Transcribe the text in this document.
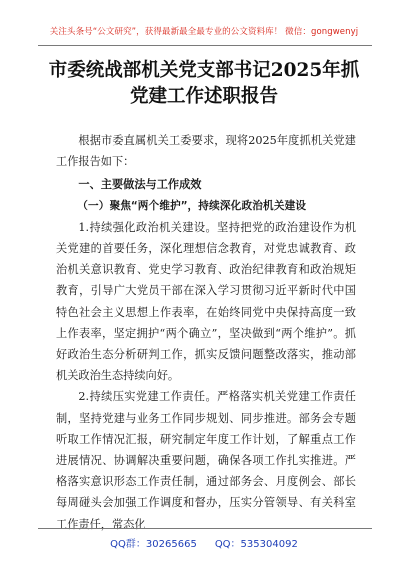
关注头条号“公文研究”，获得最新最全最专业的公文资料库！ 微信：gongwenyj
市委统战部机关党支部书记2025年抓党建工作述职报告

根据市委直属机关工委要求，现将2025年度抓机关党建工作报告如下：

一、主要做法与工作成效

（一）聚焦“两个维护”，持续深化政治机关建设

1.持续强化政治机关建设。坚持把党的政治建设作为机关党建的首要任务，深化理想信念教育，对党忠诚教育、政治机关意识教育、党史学习教育、政治纪律教育和政治规矩教育，引导广大党员干部在深入学习贯彻习近平新时代中国特色社会主义思想上作表率，在始终同党中央保持高度一致上作表率，坚定拥护“两个确立”，坚决做到“两个维护”。抓好政治生态分析研判工作，抓实反馈问题整改落实，推动部机关政治生态持续向好。

2.持续压实党建工作责任。严格落实机关党建工作责任制，坚持党建与业务工作同步规划、同步推进。部务会专题听取工作情况汇报，研究制定年度工作计划，了解重点工作进展情况、协调解决重要问题，确保各项工作扎实推进。严格落实意识形态工作责任制，通过部务会、月度例会、部长每周碰头会加强工作调度和督办，压实分管领导、有关科室工作责任，常态化

QQ群：30265665 QQ：535304092
